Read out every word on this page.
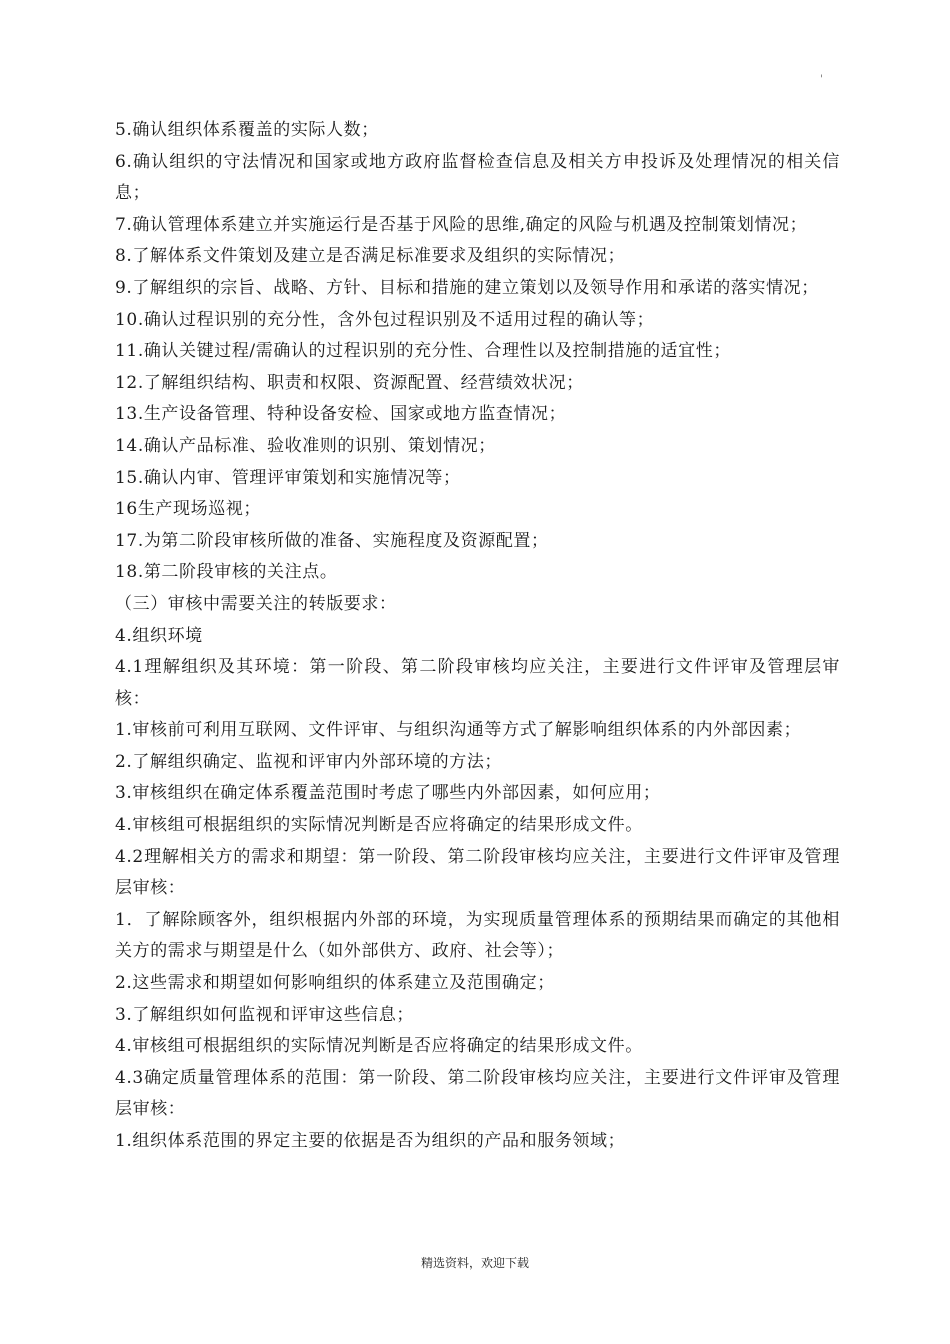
'

5.确认组织体系覆盖的实际人数；

6.确认组织的守法情况和国家或地方政府监督检查信息及相关方申投诉及处理情况的相关信息；

7.确认管理体系建立并实施运行是否基于风险的思维,确定的风险与机遇及控制策划情况；

8.了解体系文件策划及建立是否满足标准要求及组织的实际情况；

9.了解组织的宗旨、战略、方针、目标和措施的建立策划以及领导作用和承诺的落实情况；

10.确认过程识别的充分性，含外包过程识别及不适用过程的确认等；

11.确认关键过程/需确认的过程识别的充分性、合理性以及控制措施的适宜性；

12.了解组织结构、职责和权限、资源配置、经营绩效状况；

13.生产设备管理、特种设备安检、国家或地方监查情况；

14.确认产品标准、验收准则的识别、策划情况；

15.确认内审、管理评审策划和实施情况等；

16生产现场巡视；

17.为第二阶段审核所做的准备、实施程度及资源配置；

18.第二阶段审核的关注点。

（三）审核中需要关注的转版要求：

4.组织环境

4.1理解组织及其环境：第一阶段、第二阶段审核均应关注，主要进行文件评审及管理层审核：

1.审核前可利用互联网、文件评审、与组织沟通等方式了解影响组织体系的内外部因素；

2.了解组织确定、监视和评审内外部环境的方法；

3.审核组织在确定体系覆盖范围时考虑了哪些内外部因素，如何应用；

4.审核组可根据组织的实际情况判断是否应将确定的结果形成文件。

4.2理解相关方的需求和期望：第一阶段、第二阶段审核均应关注，主要进行文件评审及管理层审核：

1．了解除顾客外，组织根据内外部的环境，为实现质量管理体系的预期结果而确定的其他相关方的需求与期望是什么（如外部供方、政府、社会等）；

2.这些需求和期望如何影响组织的体系建立及范围确定；

3.了解组织如何监视和评审这些信息；

4.审核组可根据组织的实际情况判断是否应将确定的结果形成文件。

4.3确定质量管理体系的范围：第一阶段、第二阶段审核均应关注，主要进行文件评审及管理层审核：

1.组织体系范围的界定主要的依据是否为组织的产品和服务领域；

精选资料，欢迎下载
